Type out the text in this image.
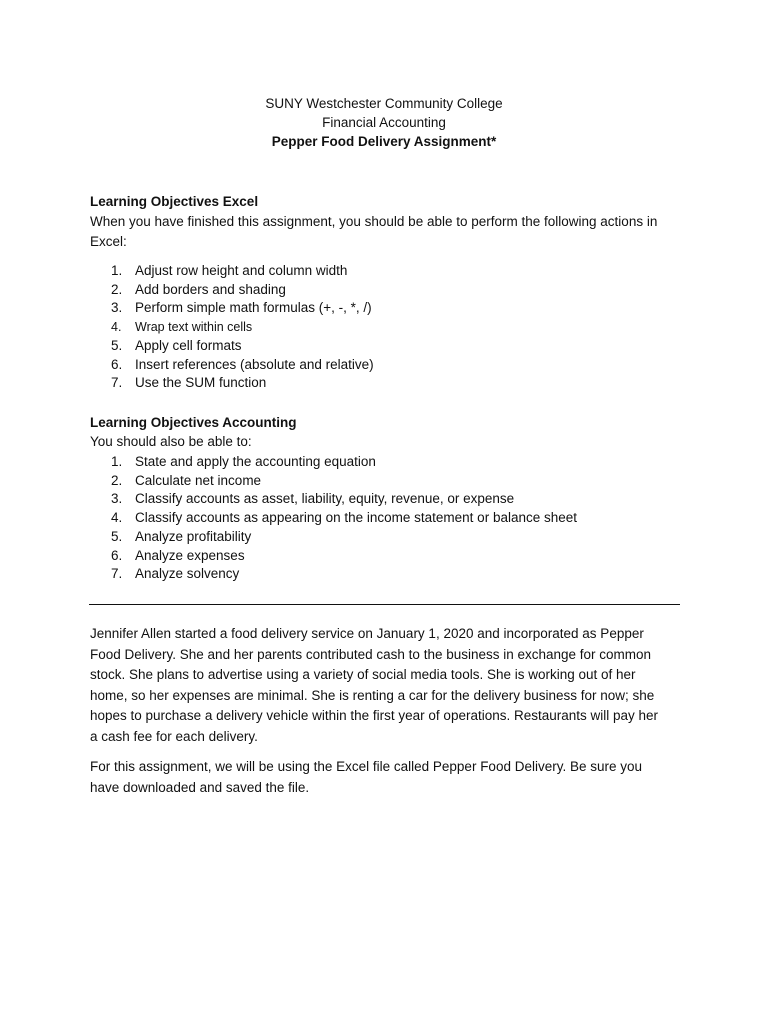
SUNY Westchester Community College
Financial Accounting
Pepper Food Delivery Assignment*
Learning Objectives Excel

When you have finished this assignment, you should be able to perform the following actions in

Excel:

1. Adjust row height and column width
2. Add borders and shading
3. Perform simple math formulas (+, -, *, /)
4. Wrap text within cells
5. Apply cell formats
6. Insert references (absolute and relative)
7. Use the SUM function
Learning Objectives Accounting

You should also be able to:

1. State and apply the accounting equation
2. Calculate net income
3. Classify accounts as asset, liability, equity, revenue, or expense
4. Classify accounts as appearing on the income statement or balance sheet
5. Analyze profitability
6. Analyze expenses
7. Analyze solvency

Jennifer Allen started a food delivery service on January 1, 2020 and incorporated as Pepper

Food Delivery. She and her parents contributed cash to the business in exchange for common

stock. She plans to advertise using a variety of social media tools. She is working out of her

home, so her expenses are minimal. She is renting a car for the delivery business for now; she

hopes to purchase a delivery vehicle within the first year of operations. Restaurants will pay her

a cash fee for each delivery.

For this assignment, we will be using the Excel file called Pepper Food Delivery. Be sure you

have downloaded and saved the file.
